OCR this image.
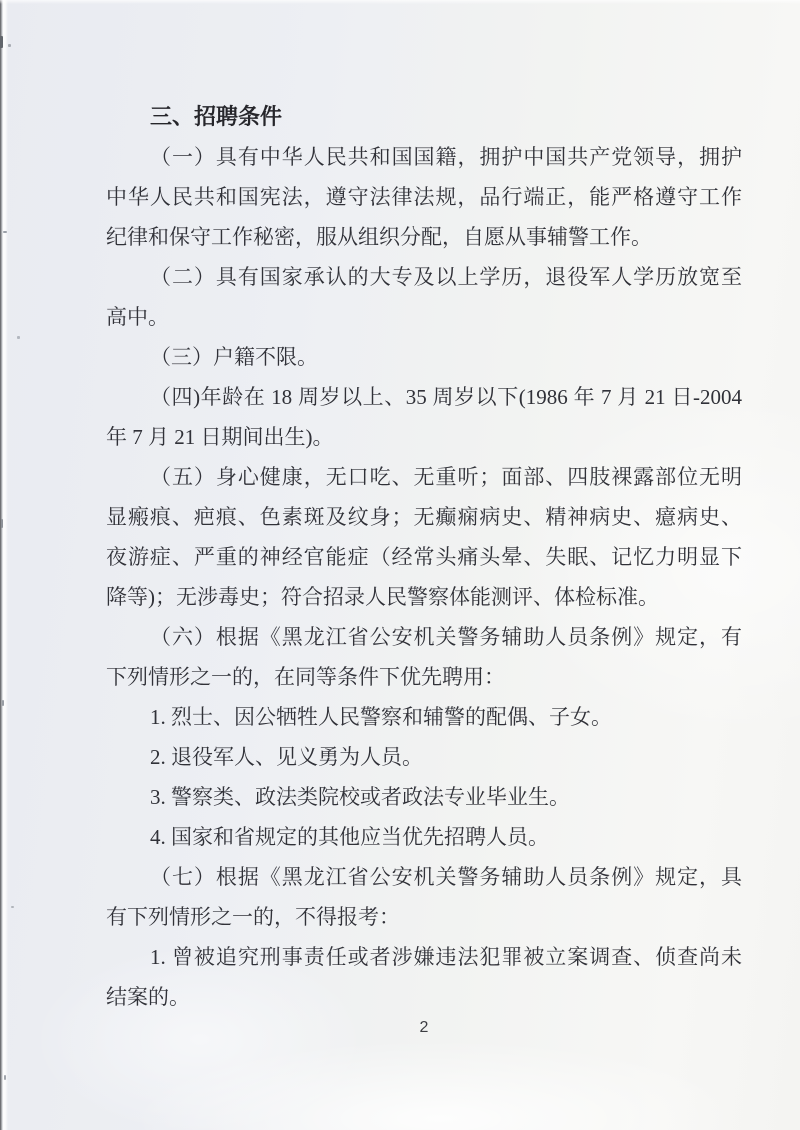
三、招聘条件
（一）具有中华人民共和国国籍，拥护中国共产党领导，拥护
中华人民共和国宪法，遵守法律法规，品行端正，能严格遵守工作
纪律和保守工作秘密，服从组织分配，自愿从事辅警工作。
（二）具有国家承认的大专及以上学历，退役军人学历放宽至
高中。
（三）户籍不限。
（四)年龄在 18 周岁以上、35 周岁以下(1986 年 7 月 21 日-2004
年 7 月 21 日期间出生)。
（五）身心健康，无口吃、无重听；面部、四肢裸露部位无明
显瘢痕、疤痕、色素斑及纹身；无癫痫病史、精神病史、癔病史、
夜游症、严重的神经官能症（经常头痛头晕、失眠、记忆力明显下
降等)；无涉毒史；符合招录人民警察体能测评、体检标准。
（六）根据《黑龙江省公安机关警务辅助人员条例》规定，有
下列情形之一的，在同等条件下优先聘用：
1. 烈士、因公牺牲人民警察和辅警的配偶、子女。
2. 退役军人、见义勇为人员。
3. 警察类、政法类院校或者政法专业毕业生。
4. 国家和省规定的其他应当优先招聘人员。
（七）根据《黑龙江省公安机关警务辅助人员条例》规定，具
有下列情形之一的，不得报考：
1. 曾被追究刑事责任或者涉嫌违法犯罪被立案调查、侦查尚未
结案的。
2
